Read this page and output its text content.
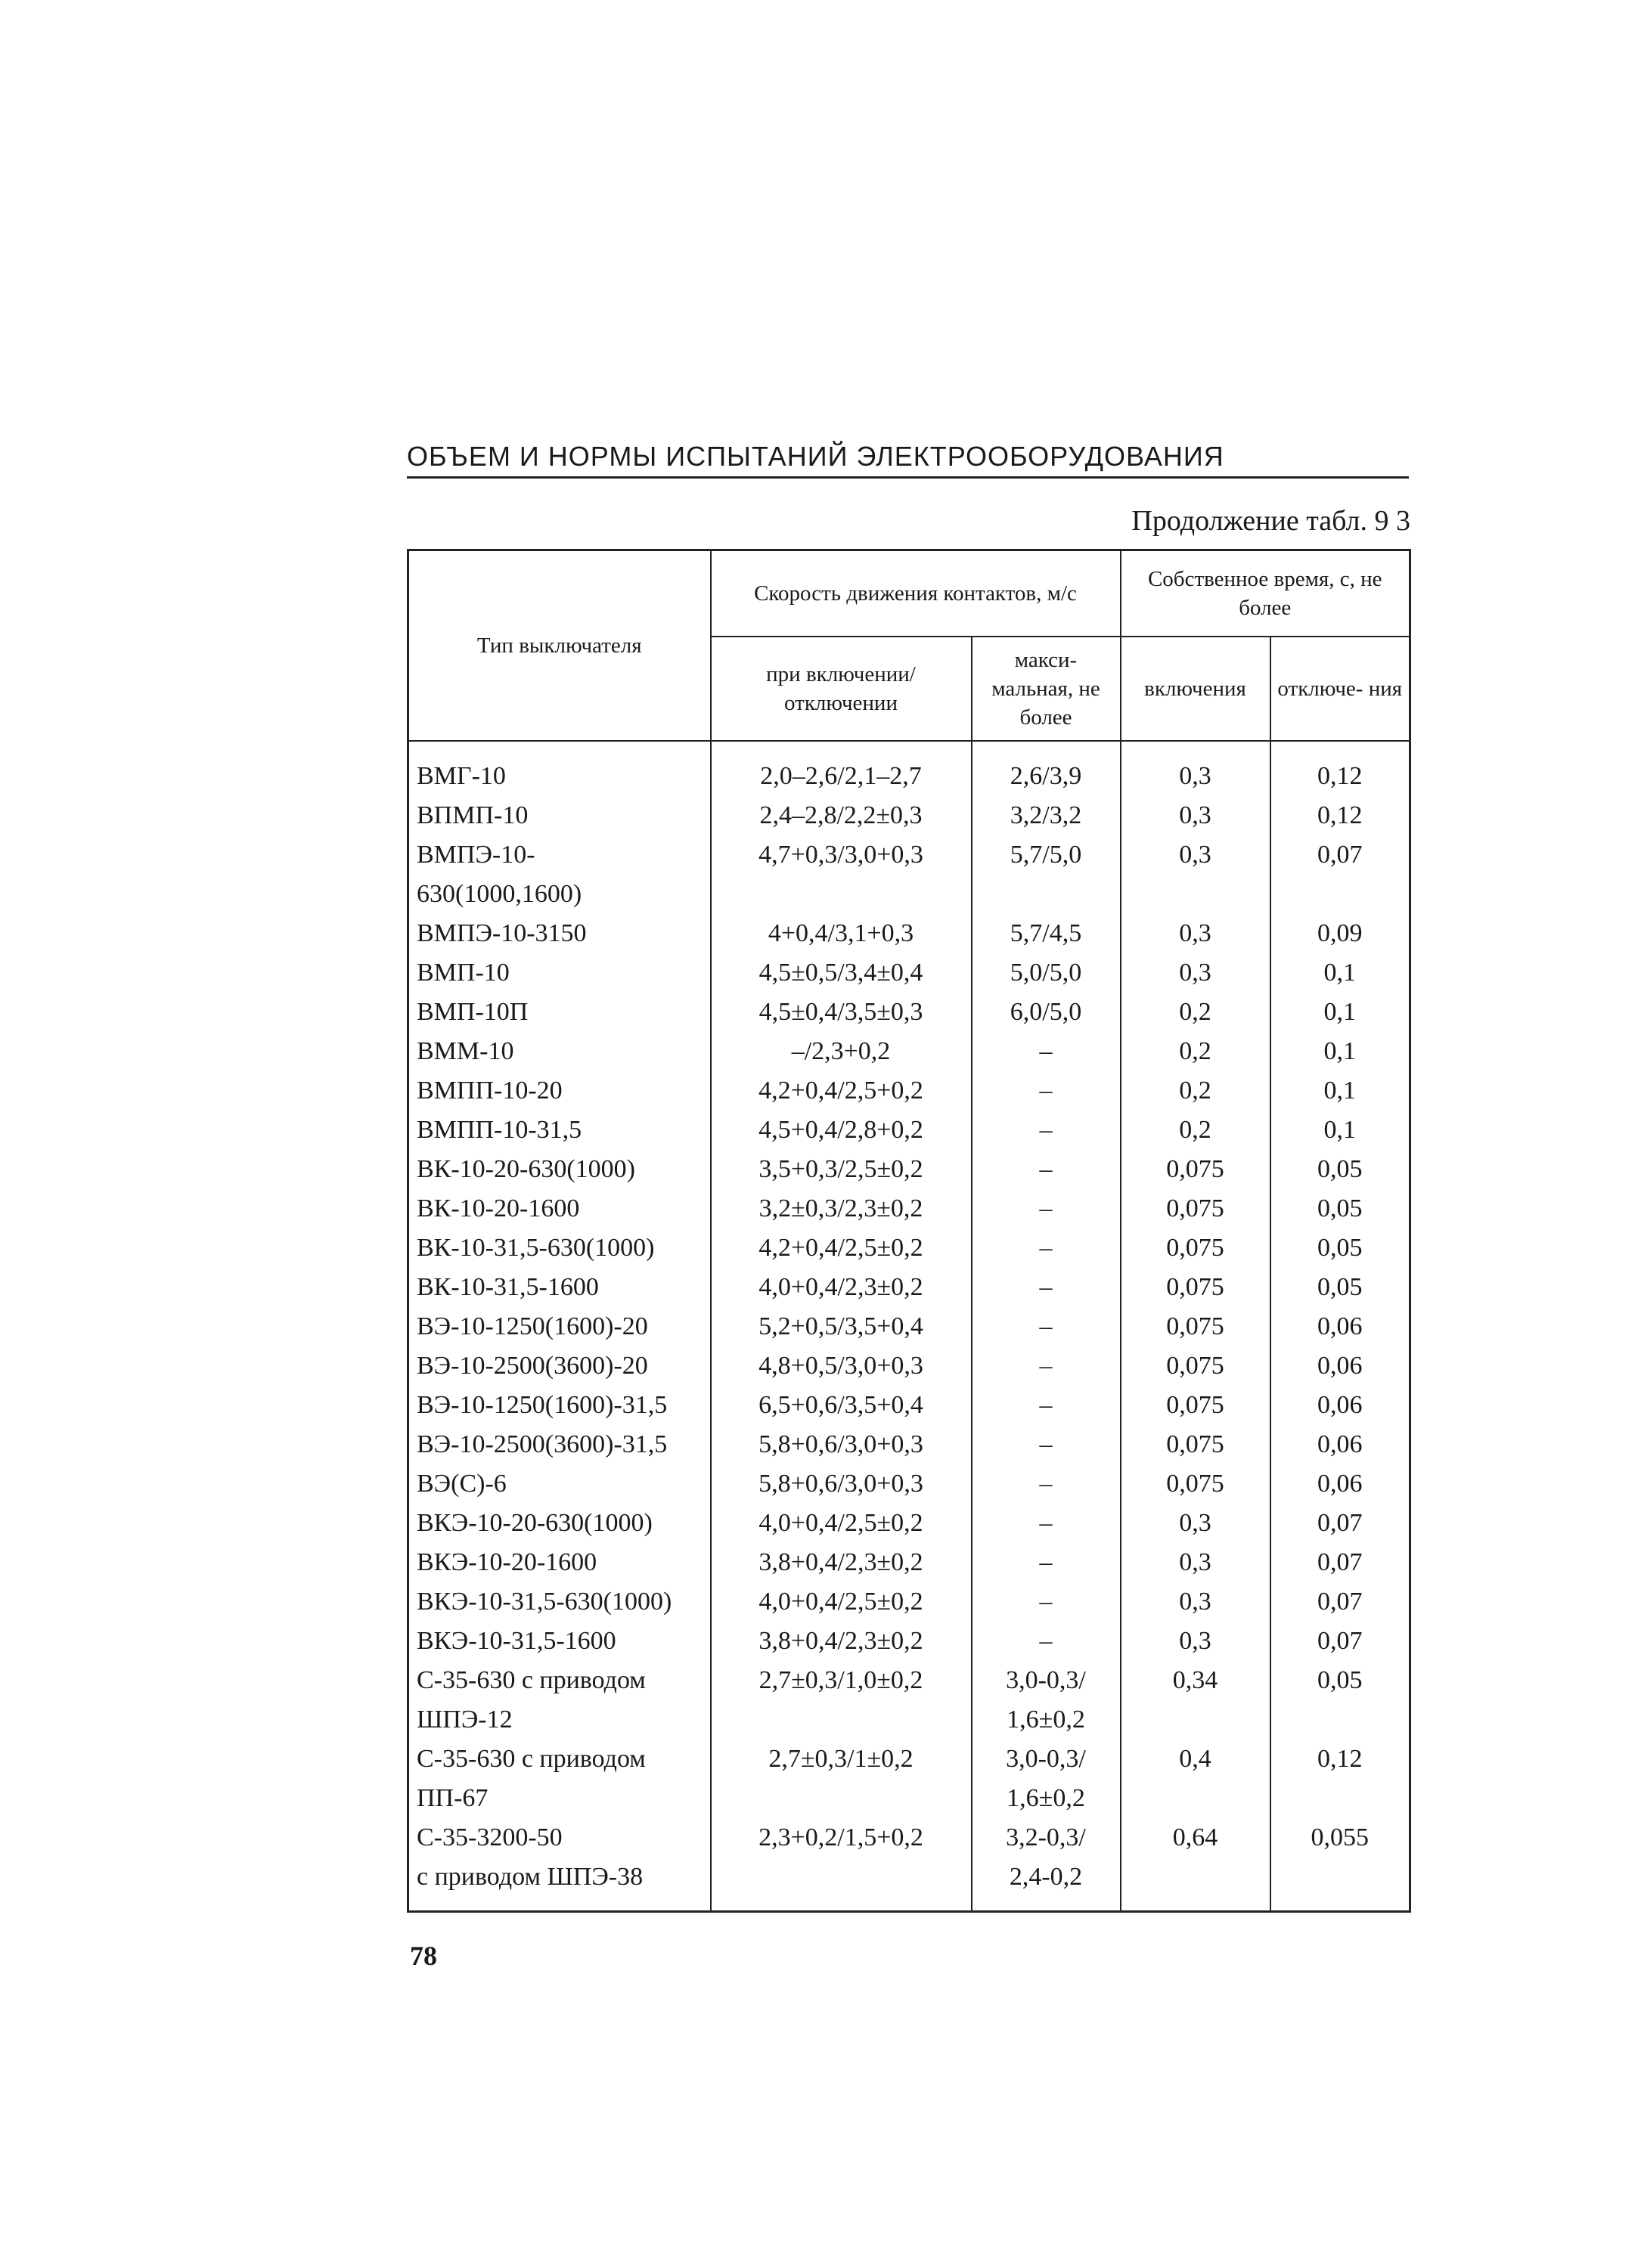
ОБЪЕМ И НОРМЫ ИСПЫТАНИЙ ЭЛЕКТРООБОРУДОВАНИЯ
Продолжение табл. 9 3
Тип выключателя	Скорость движения контактов, м/с		Собственное время, с, не более	
	при включении/ отключении	макси- мальная, не более	включения	отключе- ния

ВМГ-10	2,0–2,6/2,1–2,7	2,6/3,9	0,3	0,12
ВПМП-10	2,4–2,8/2,2±0,3	3,2/3,2	0,3	0,12
ВМПЭ-10-	4,7+0,3/3,0+0,3	5,7/5,0	0,3	0,07
630(1000,1600)				
ВМПЭ-10-3150	4+0,4/3,1+0,3	5,7/4,5	0,3	0,09
ВМП-10	4,5±0,5/3,4±0,4	5,0/5,0	0,3	0,1
ВМП-10П	4,5±0,4/3,5±0,3	6,0/5,0	0,2	0,1
ВММ-10	–/2,3+0,2	–	0,2	0,1
ВМПП-10-20	4,2+0,4/2,5+0,2	–	0,2	0,1
ВМПП-10-31,5	4,5+0,4/2,8+0,2	–	0,2	0,1
ВК-10-20-630(1000)	3,5+0,3/2,5±0,2	–	0,075	0,05
ВК-10-20-1600	3,2±0,3/2,3±0,2	–	0,075	0,05
ВК-10-31,5-630(1000)	4,2+0,4/2,5±0,2	–	0,075	0,05
ВК-10-31,5-1600	4,0+0,4/2,3±0,2	–	0,075	0,05
ВЭ-10-1250(1600)-20	5,2+0,5/3,5+0,4	–	0,075	0,06
ВЭ-10-2500(3600)-20	4,8+0,5/3,0+0,3	–	0,075	0,06
ВЭ-10-1250(1600)-31,5	6,5+0,6/3,5+0,4	–	0,075	0,06
ВЭ-10-2500(3600)-31,5	5,8+0,6/3,0+0,3	–	0,075	0,06
ВЭ(С)-6	5,8+0,6/3,0+0,3	–	0,075	0,06
ВКЭ-10-20-630(1000)	4,0+0,4/2,5±0,2	–	0,3	0,07
ВКЭ-10-20-1600	3,8+0,4/2,3±0,2	–	0,3	0,07
ВКЭ-10-31,5-630(1000)	4,0+0,4/2,5±0,2	–	0,3	0,07
ВКЭ-10-31,5-1600	3,8+0,4/2,3±0,2	–	0,3	0,07
С-35-630 с приводом	2,7±0,3/1,0±0,2	3,0-0,3/	0,34	0,05
ШПЭ-12		1,6±0,2		
С-35-630 с приводом	2,7±0,3/1±0,2	3,0-0,3/	0,4	0,12
ПП-67		1,6±0,2		
С-35-3200-50	2,3+0,2/1,5+0,2	3,2-0,3/	0,64	0,055
с приводом ШПЭ-38		2,4-0,2		
78
